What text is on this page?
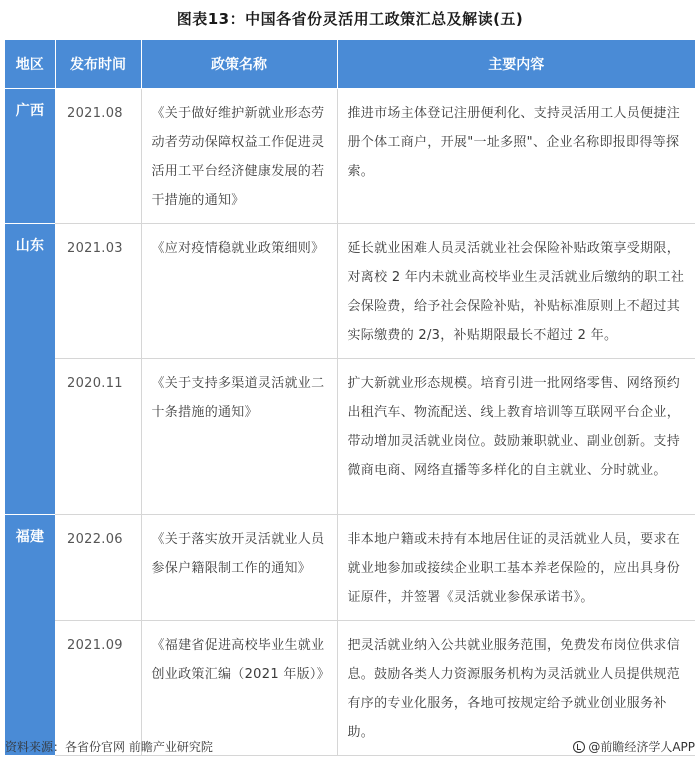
图表13：中国各省份灵活用工政策汇总及解读(五)
地区	发布时间	政策名称	主要内容
广西	2021.08	《关于做好维护新就业形态劳动者劳动保障权益工作促进灵活用工平台经济健康发展的若干措施的通知》	推进市场主体登记注册便利化、支持灵活用工人员便捷注册个体工商户，开展"一址多照"、企业名称即报即得等探索。
山东	2021.03	《应对疫情稳就业政策细则》	延长就业困难人员灵活就业社会保险补贴政策享受期限，对离校 2 年内未就业高校毕业生灵活就业后缴纳的职工社会保险费，给予社会保险补贴，补贴标准原则上不超过其实际缴费的 2/3，补贴期限最长不超过 2 年。
	2020.11	《关于支持多渠道灵活就业二十条措施的通知》	扩大新就业形态规模。培育引进一批网络零售、网络预约出租汽车、物流配送、线上教育培训等互联网平台企业，带动增加灵活就业岗位。鼓励兼职就业、副业创新。支持微商电商、网络直播等多样化的自主就业、分时就业。
福建	2022.06	《关于落实放开灵活就业人员参保户籍限制工作的通知》	非本地户籍或未持有本地居住证的灵活就业人员，要求在就业地参加或接续企业职工基本养老保险的，应出具身份证原件，并签署《灵活就业参保承诺书》。
	2021.09	《福建省促进高校毕业生就业创业政策汇编（2021 年版）》	把灵活就业纳入公共就业服务范围，免费发布岗位供求信息。鼓励各类人力资源服务机构为灵活就业人员提供规范有序的专业化服务，各地可按规定给予就业创业服务补助。
资料来源：各省份官网 前瞻产业研究院	@前瞻经济学人APP
